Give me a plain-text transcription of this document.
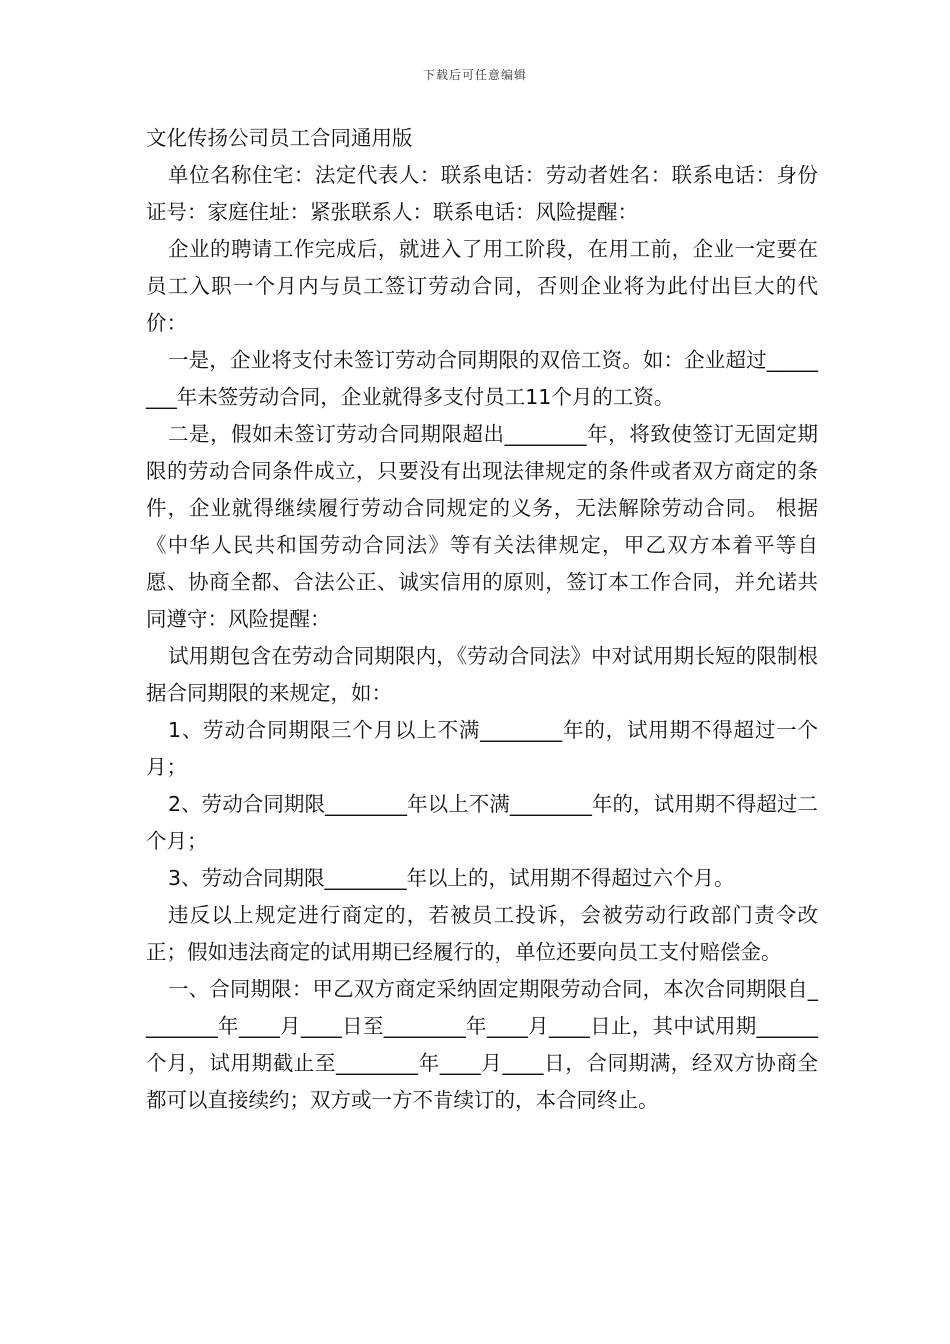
下载后可任意编辑

文化传扬公司员工合同通用版

单位名称住宅：法定代表人：联系电话：劳动者姓名：联系电话：身份证号：家庭住址：紧张联系人：联系电话：风险提醒：

企业的聘请工作完成后，就进入了用工阶段，在用工前，企业一定要在员工入职一个月内与员工签订劳动合同，否则企业将为此付出巨大的代价：

一是，企业将支付未签订劳动合同期限的双倍工资。如：企业超过________年未签劳动合同，企业就得多支付员工11个月的工资。

二是，假如未签订劳动合同期限超出________年，将致使签订无固定期限的劳动合同条件成立，只要没有出现法律规定的条件或者双方商定的条件，企业就得继续履行劳动合同规定的义务，无法解除劳动合同。 根据《中华人民共和国劳动合同法》等有关法律规定，甲乙双方本着平等自愿、协商全都、合法公正、诚实信用的原则，签订本工作合同，并允诺共同遵守：风险提醒：

试用期包含在劳动合同期限内，《劳动合同法》中对试用期长短的限制根据合同期限的来规定，如：

1、劳动合同期限三个月以上不满________年的，试用期不得超过一个月；

2、劳动合同期限________年以上不满________年的，试用期不得超过二个月；

3、劳动合同期限________年以上的，试用期不得超过六个月。

违反以上规定进行商定的，若被员工投诉，会被劳动行政部门责令改正；假如违法商定的试用期已经履行的，单位还要向员工支付赔偿金。

一、合同期限：甲乙双方商定采纳固定期限劳动合同，本次合同期限自________年____月____日至________年____月____日止，其中试用期______个月，试用期截止至________年____月____日，合同期满，经双方协商全都可以直接续约；双方或一方不肯续订的，本合同终止。
